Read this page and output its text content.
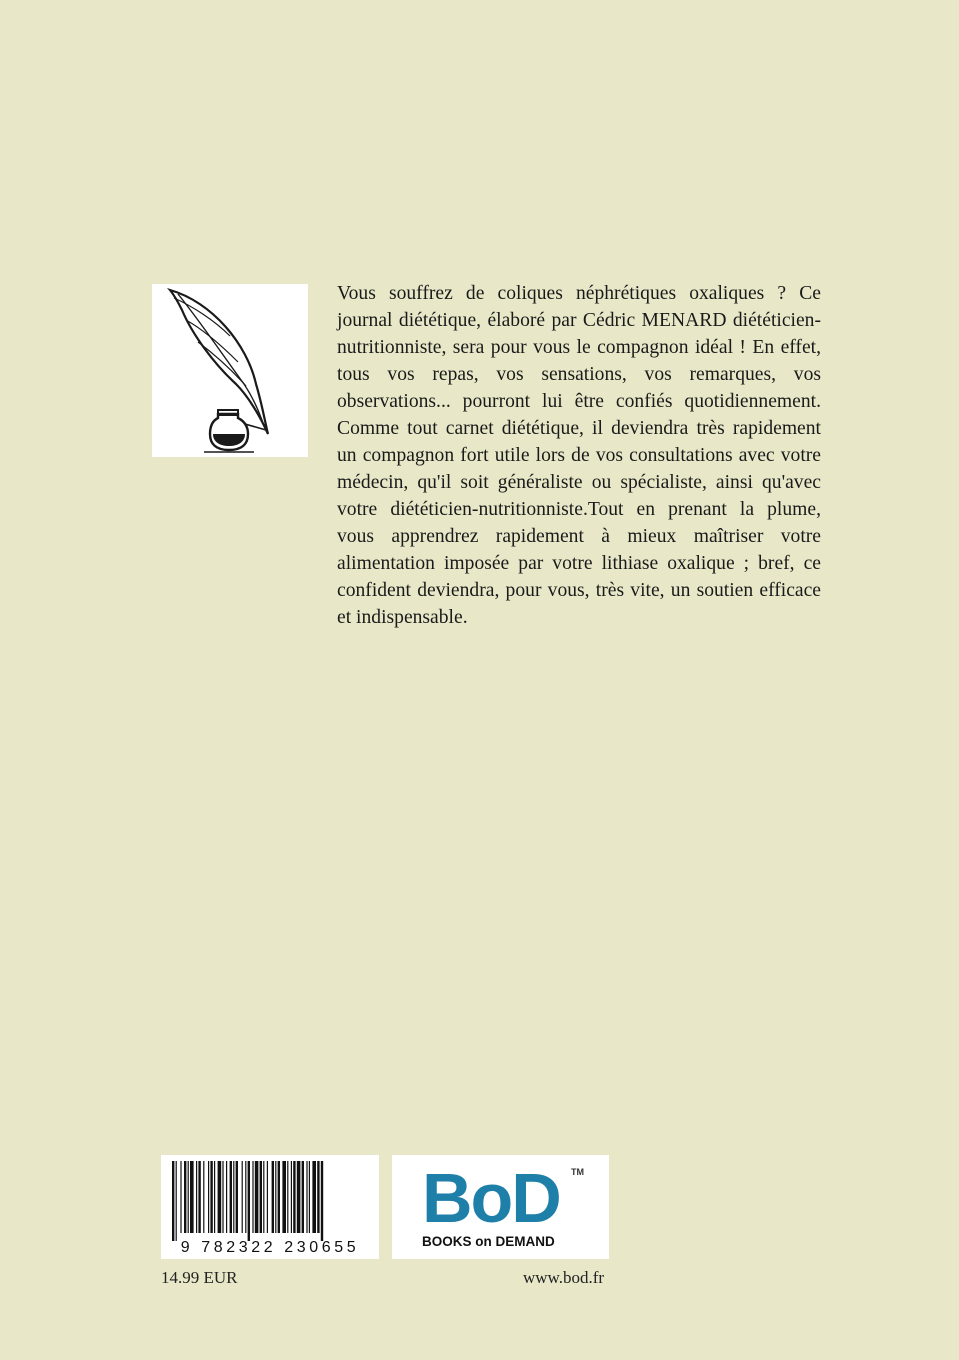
Vous souffrez de coliques néphrétiques oxaliques ? Ce journal diététique, élaboré par Cédric MENARD diététicien-nutritionniste, sera pour vous le compagnon idéal ! En effet, tous vos repas, vos sensations, vos remarques, vos observations... pourront lui être confiés quotidiennement. Comme tout carnet diététique, il deviendra très rapidement un compagnon fort utile lors de vos consultations avec votre médecin, qu'il soit généraliste ou spécialiste, ainsi qu'avec votre diététicien-nutritionniste.Tout en prenant la plume, vous apprendrez rapidement à mieux maîtriser votre alimentation imposée par votre lithiase oxalique ; bref, ce confident deviendra, pour vous, très vite, un soutien efficace et indispensable.

9 782322 230655
BoD TM
BOOKS on DEMAND
14.99 EUR	www.bod.fr
